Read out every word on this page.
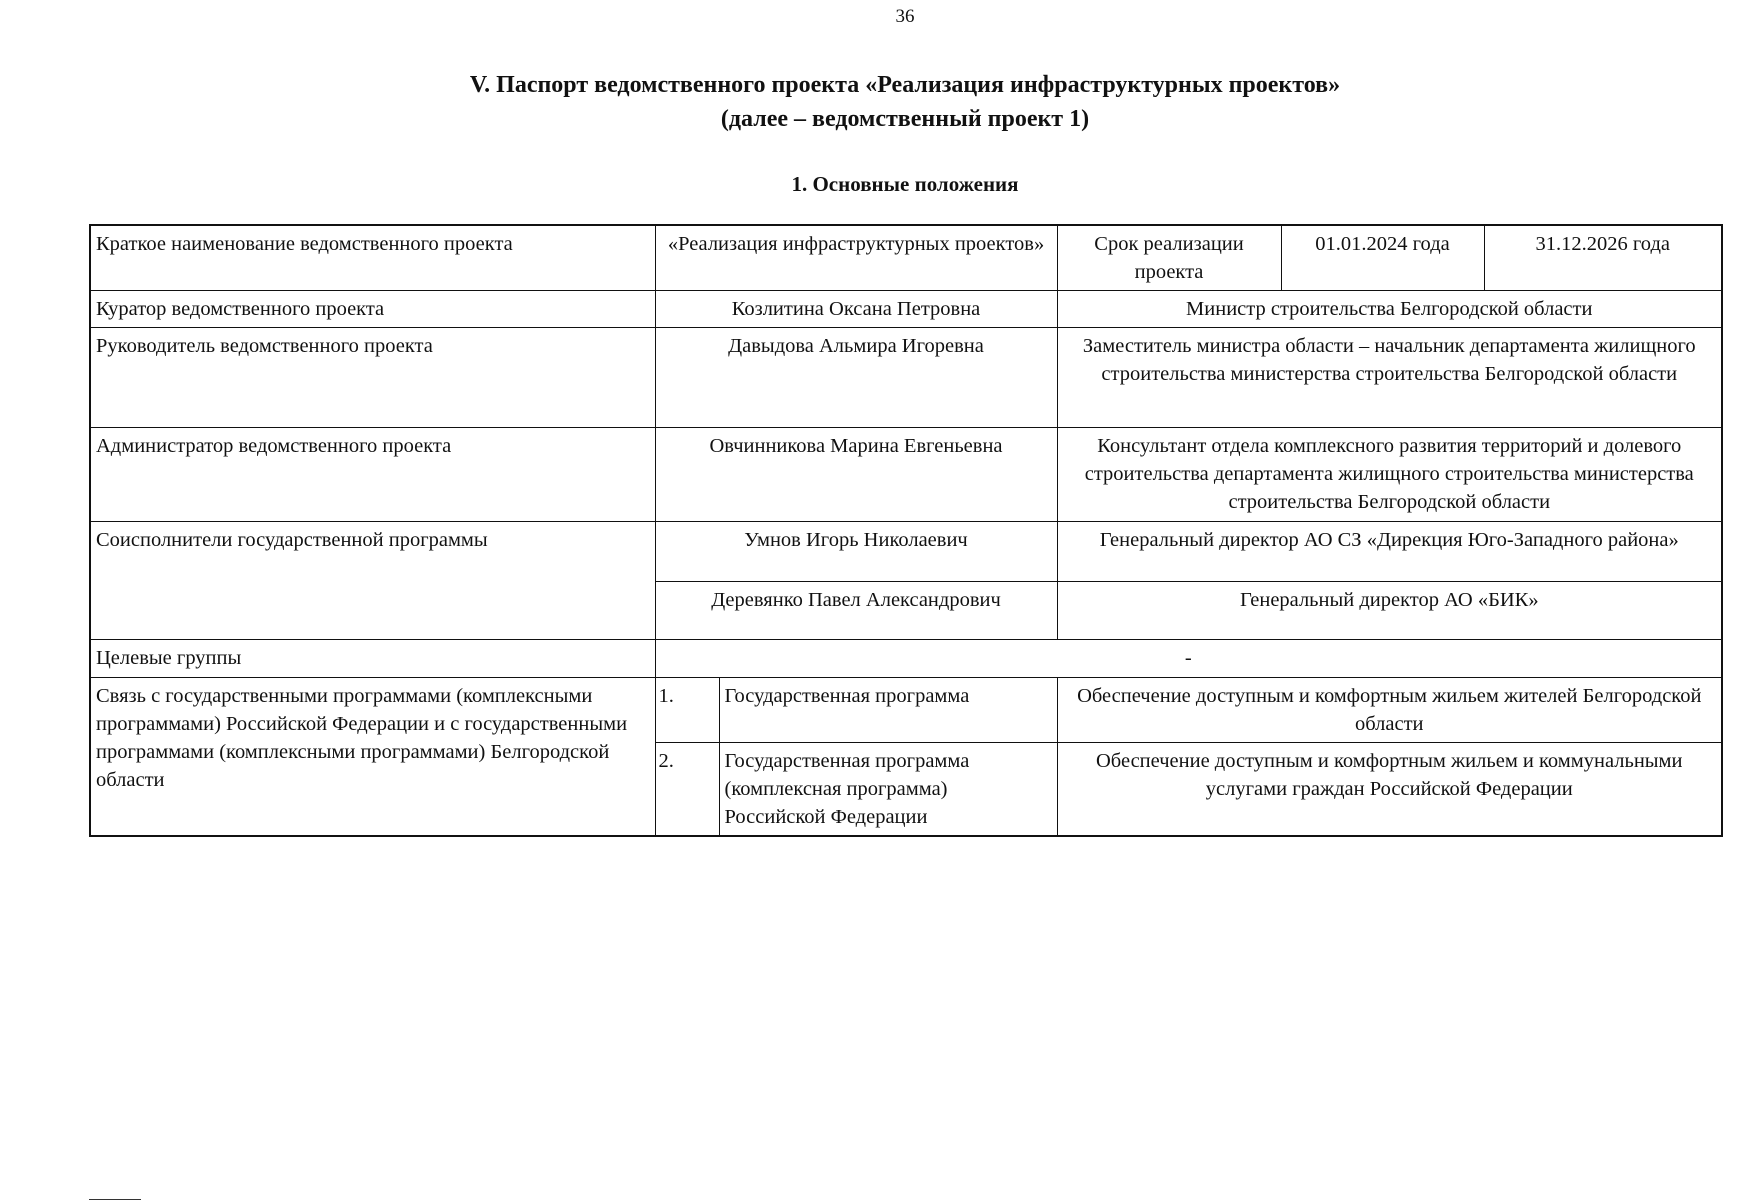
36
V. Паспорт ведомственного проекта «Реализация инфраструктурных проектов»
(далее – ведомственный проект 1)
1. Основные положения
Краткое наименование ведомственного проекта	«Реализация инфраструктурных проектов»		Срок реализации проекта	01.01.2024 года	31.12.2026 года
Куратор ведомственного проекта	Козлитина Оксана Петровна		Министр строительства Белгородской области		
Руководитель ведомственного проекта	Давыдова Альмира Игоревна		Заместитель министра области – начальник департамента жилищного строительства министерства строительства Белгородской области		
Администратор ведомственного проекта	Овчинникова Марина Евгеньевна		Консультант отдела комплексного развития территорий и долевого строительства департамента жилищного строительства министерства строительства Белгородской области		
Соисполнители государственной программы	Умнов Игорь Николаевич		Генеральный директор АО СЗ «Дирекция Юго-Западного района»		
	Деревянко Павел Александрович		Генеральный директор АО «БИК»		
Целевые группы	-				
Связь с государственными программами (комплексными программами) Российской Федерации и с государственными программами (комплексными программами) Белгородской области	1.	Государственная программа	Обеспечение доступным и комфортным жильем жителей Белгородской области		
	2.	Государственная программа (комплексная программа) Российской Федерации	Обеспечение доступным и комфортным жильем и коммунальными услугами граждан Российской Федерации		
